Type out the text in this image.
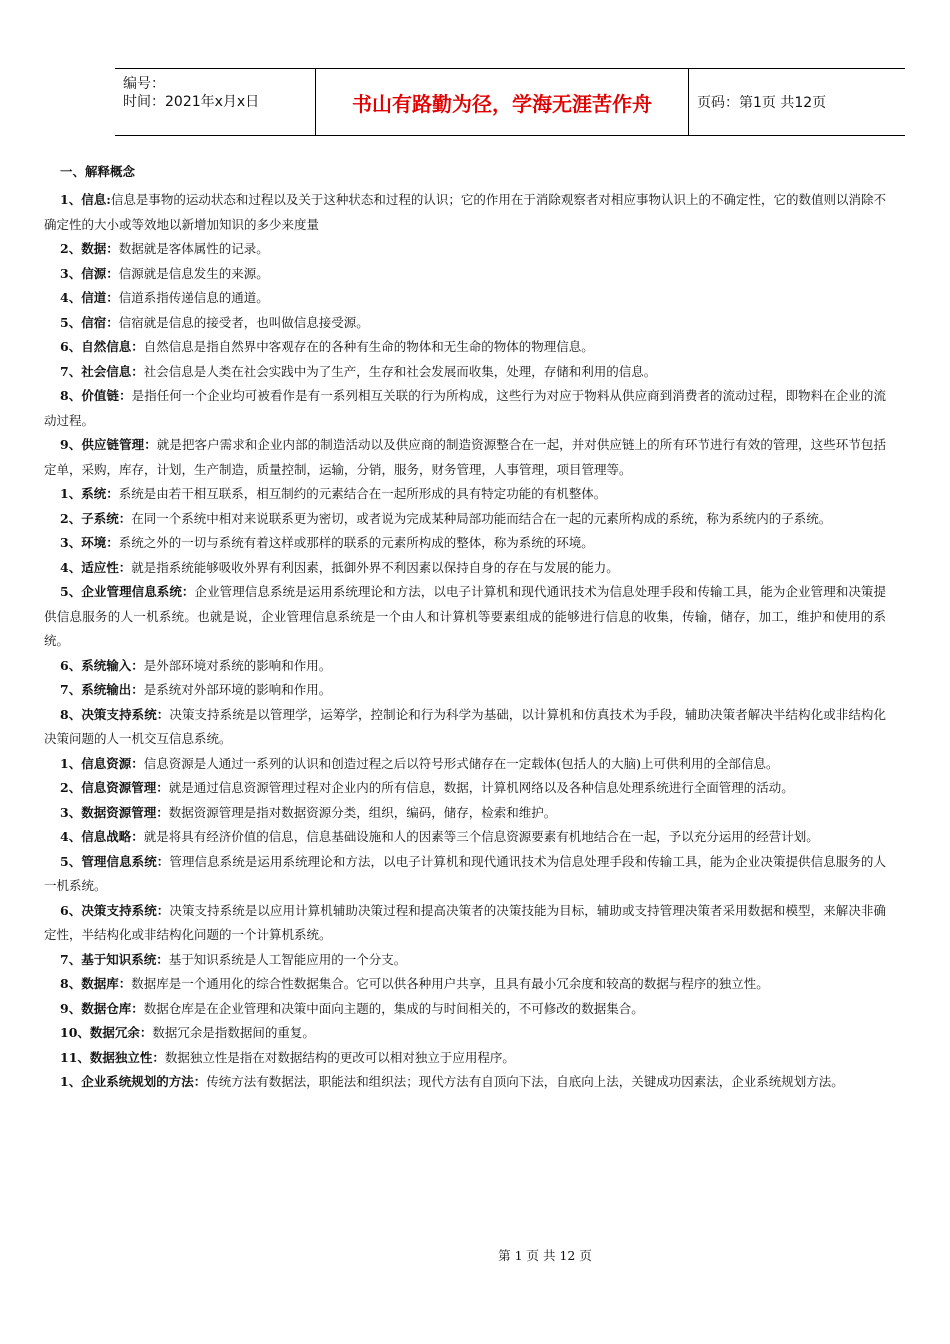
编号：
时间：2021年x月x日	书山有路勤为径，学海无涯苦作舟	页码：第1页 共12页
一、解释概念

1、信息:信息是事物的运动状态和过程以及关于这种状态和过程的认识；它的作用在于消除观察者对相应事物认识上的不确定性，它的数值则以消除不确定性的大小或等效地以新增加知识的多少来度量

2、数据：数据就是客体属性的记录。

3、信源：信源就是信息发生的来源。

4、信道：信道系指传递信息的通道。

5、信宿：信宿就是信息的接受者，也叫做信息接受源。

6、自然信息：自然信息是指自然界中客观存在的各种有生命的物体和无生命的物体的物理信息。

7、社会信息：社会信息是人类在社会实践中为了生产，生存和社会发展而收集，处理，存储和利用的信息。

8、价值链：是指任何一个企业均可被看作是有一系列相互关联的行为所构成，这些行为对应于物料从供应商到消费者的流动过程，即物料在企业的流动过程。

9、供应链管理：就是把客户需求和企业内部的制造活动以及供应商的制造资源整合在一起，并对供应链上的所有环节进行有效的管理，这些环节包括定单，采购，库存，计划，生产制造，质量控制，运输，分销，服务，财务管理，人事管理，项目管理等。

1、系统：系统是由若干相互联系，相互制约的元素结合在一起所形成的具有特定功能的有机整体。

2、子系统：在同一个系统中相对来说联系更为密切，或者说为完成某种局部功能而结合在一起的元素所构成的系统，称为系统内的子系统。

3、环境：系统之外的一切与系统有着这样或那样的联系的元素所构成的整体，称为系统的环境。

4、适应性：就是指系统能够吸收外界有利因素，抵御外界不利因素以保持自身的存在与发展的能力。

5、企业管理信息系统：企业管理信息系统是运用系统理论和方法，以电子计算机和现代通讯技术为信息处理手段和传输工具，能为企业管理和决策提供信息服务的人一机系统。也就是说，企业管理信息系统是一个由人和计算机等要素组成的能够进行信息的收集，传输，储存，加工，维护和使用的系统。

6、系统输入：是外部环境对系统的影响和作用。

7、系统输出：是系统对外部环境的影响和作用。

8、决策支持系统：决策支持系统是以管理学，运筹学，控制论和行为科学为基础，以计算机和仿真技术为手段，辅助决策者解决半结构化或非结构化决策问题的人一机交互信息系统。

1、信息资源：信息资源是人通过一系列的认识和创造过程之后以符号形式储存在一定载体(包括人的大脑)上可供利用的全部信息。

2、信息资源管理：就是通过信息资源管理过程对企业内的所有信息，数据，计算机网络以及各种信息处理系统进行全面管理的活动。

3、数据资源管理：数据资源管理是指对数据资源分类，组织，编码，储存，检索和维护。

4、信息战略：就是将具有经济价值的信息，信息基础设施和人的因素等三个信息资源要素有机地结合在一起，予以充分运用的经营计划。

5、管理信息系统：管理信息系统是运用系统理论和方法，以电子计算机和现代通讯技术为信息处理手段和传输工具，能为企业决策提供信息服务的人一机系统。

6、决策支持系统：决策支持系统是以应用计算机辅助决策过程和提高决策者的决策技能为目标，辅助或支持管理决策者采用数据和模型，来解决非确定性，半结构化或非结构化问题的一个计算机系统。

7、基于知识系统：基于知识系统是人工智能应用的一个分支。

8、数据库：数据库是一个通用化的综合性数据集合。它可以供各种用户共享，且具有最小冗余度和较高的数据与程序的独立性。

9、数据仓库：数据仓库是在企业管理和决策中面向主题的，集成的与时间相关的，不可修改的数据集合。

10、数据冗余：数据冗余是指数据间的重复。

11、数据独立性：数据独立性是指在对数据结构的更改可以相对独立于应用程序。

1、企业系统规划的方法：传统方法有数据法，职能法和组织法；现代方法有自顶向下法，自底向上法，关键成功因素法，企业系统规划方法。

第 1 页 共 12 页
